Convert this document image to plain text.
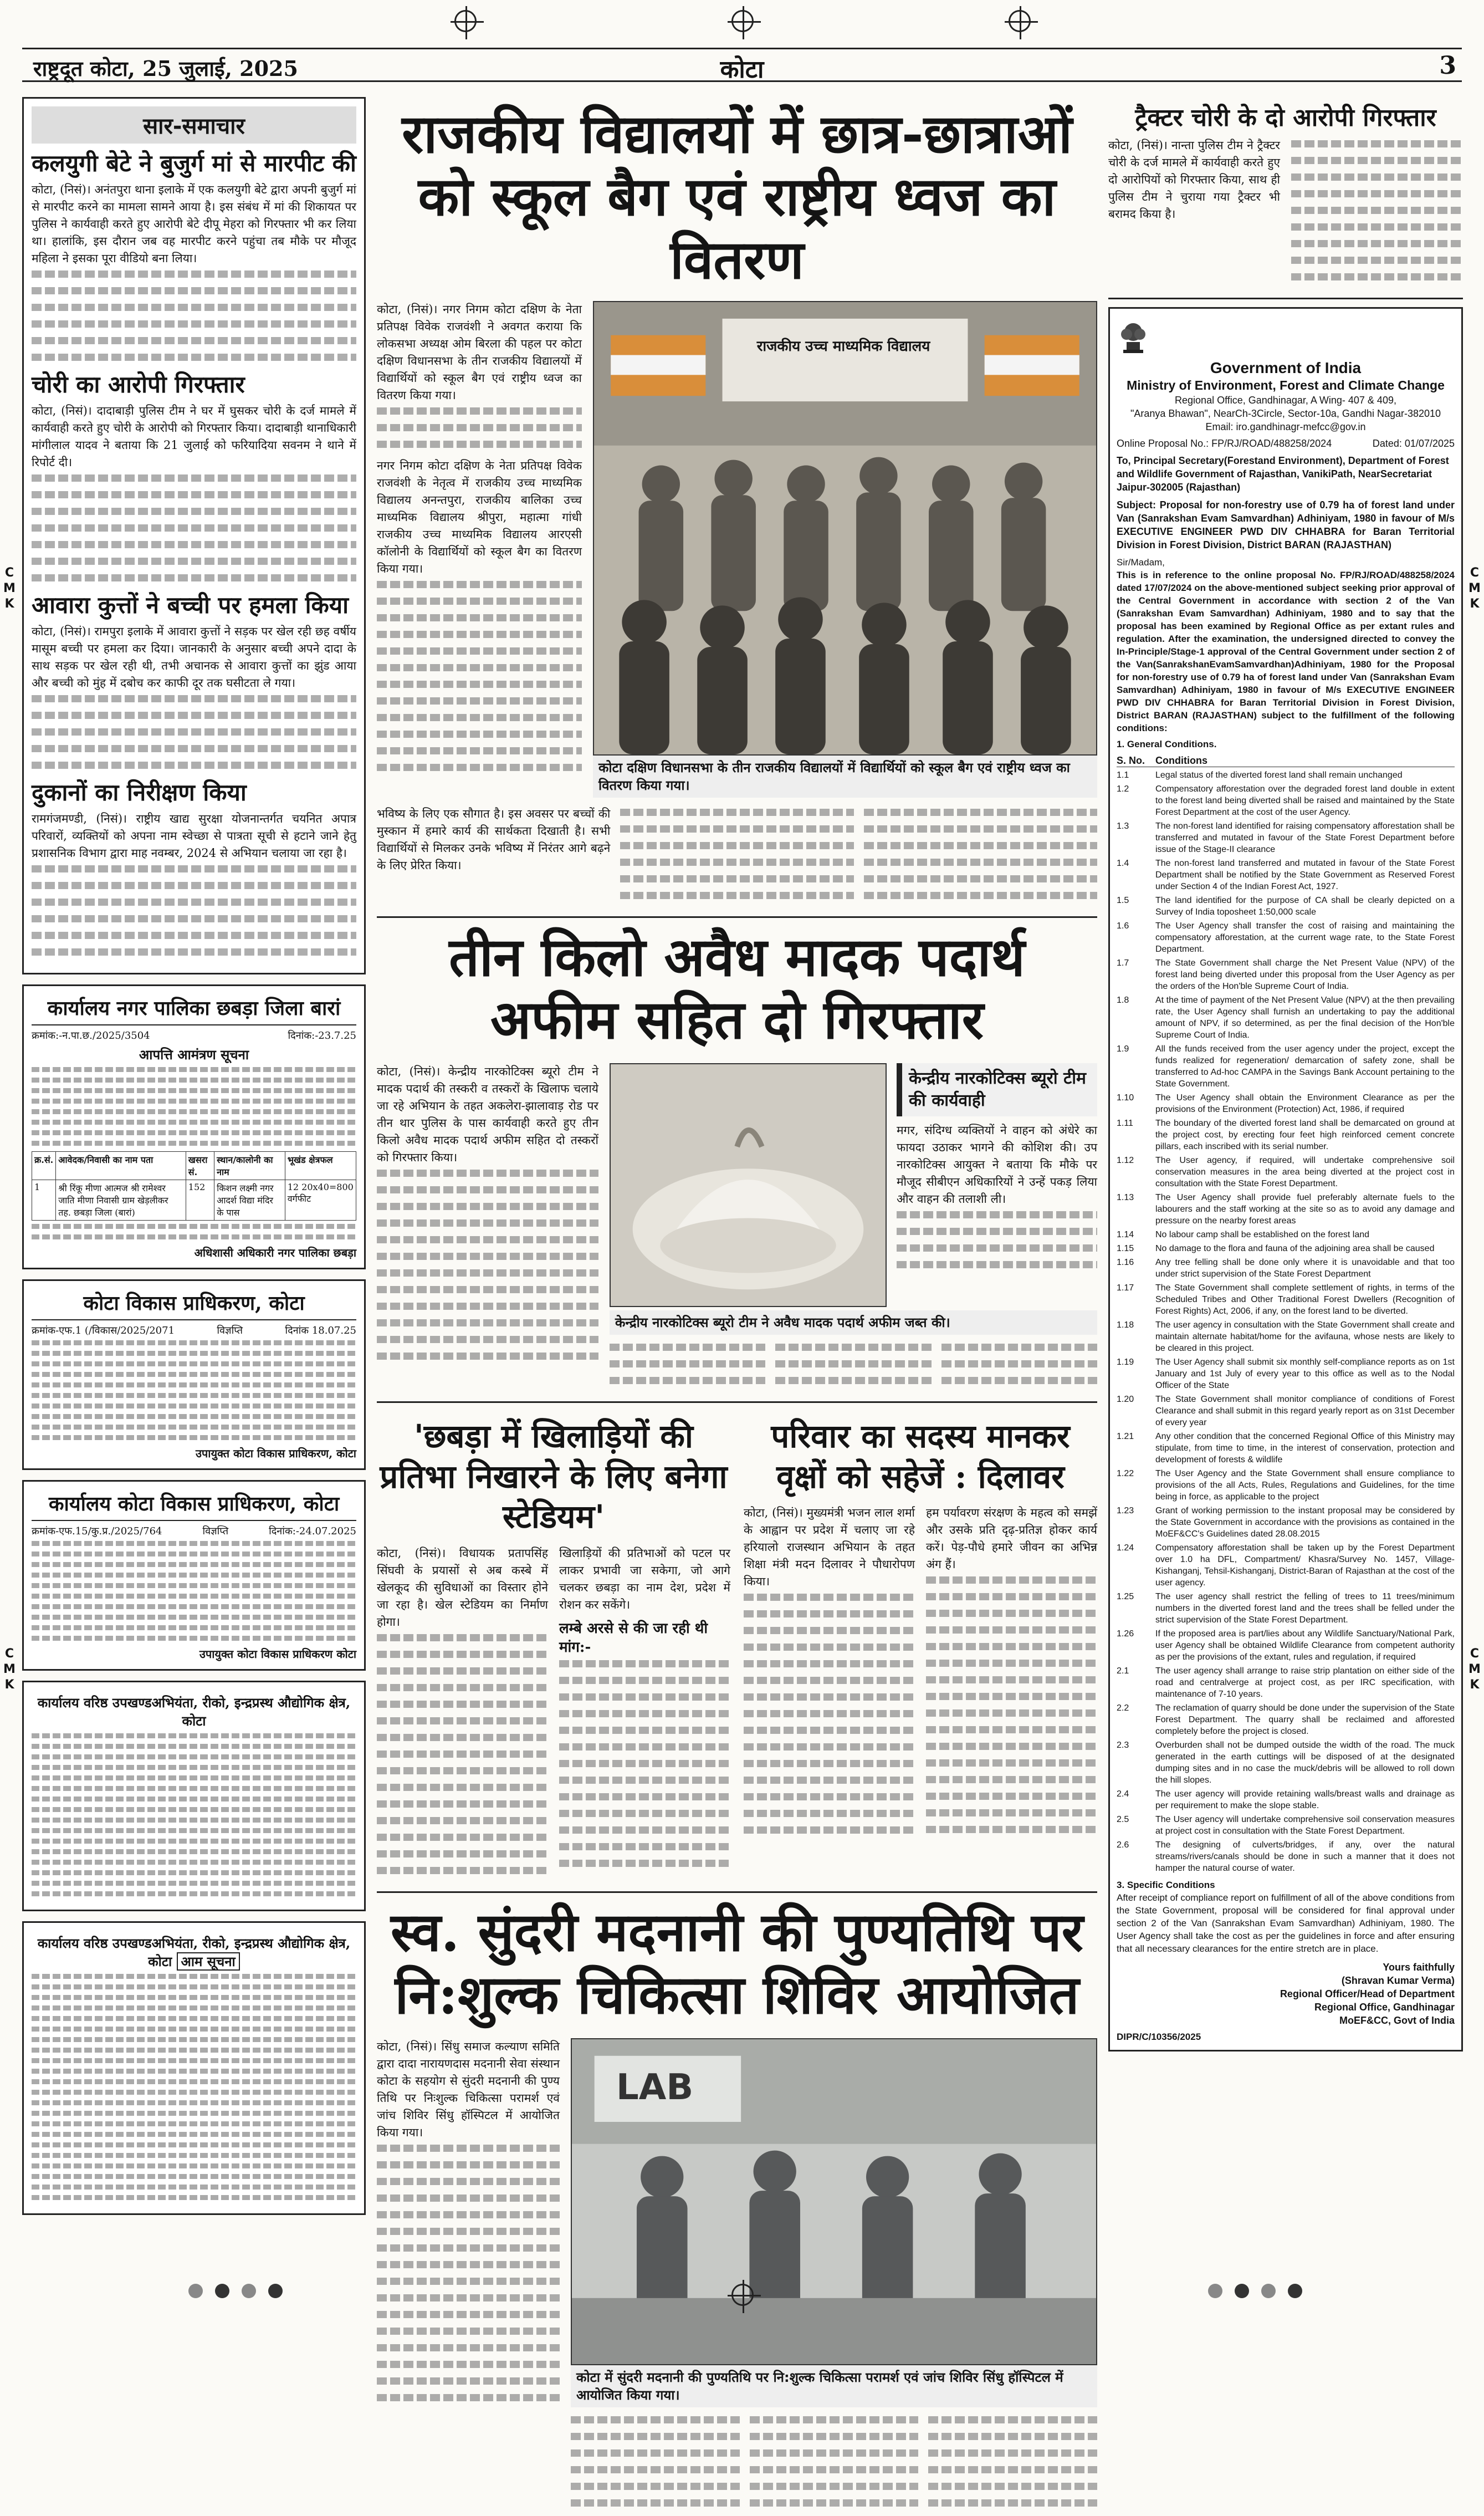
राष्ट्रदूत कोटा, 25 जुलाई, 2025	कोटा	3
C
M
K
C
M
K
C
M
K
C
M
K
सार-समाचार
कलयुगी बेटे ने बुजुर्ग मां से मारपीट की
कोटा, (निसं)। अनंतपुरा थाना इलाके में एक कलयुगी बेटे द्वारा अपनी बुजुर्ग मां से मारपीट करने का मामला सामने आया है। इस संबंध में मां की शिकायत पर पुलिस ने कार्यवाही करते हुए आरोपी बेटे दीपू मेहरा को गिरफ्तार भी कर लिया था। हालांकि, इस दौरान जब वह मारपीट करने पहुंचा तब मौके पर मौजूद महिला ने इसका पूरा वीडियो बना लिया।
चोरी का आरोपी गिरफ्तार
कोटा, (निसं)। दादाबाड़ी पुलिस टीम ने घर में घुसकर चोरी के दर्ज मामले में कार्यवाही करते हुए चोरी के आरोपी को गिरफ्तार किया। दादाबाड़ी थानाधिकारी मांगीलाल यादव ने बताया कि 21 जुलाई को फरियादिया सवनम ने थाने में रिपोर्ट दी।
आवारा कुत्तों ने बच्ची पर हमला किया
कोटा, (निसं)। रामपुरा इलाके में आवारा कुत्तों ने सड़क पर खेल रही छह वर्षीय मासूम बच्ची पर हमला कर दिया। जानकारी के अनुसार बच्ची अपने दादा के साथ सड़क पर खेल रही थी, तभी अचानक से आवारा कुत्तों का झुंड आया और बच्ची को मुंह में दबोच कर काफी दूर तक घसीटता ले गया।
दुकानों का निरीक्षण किया
रामगंजमण्डी, (निसं)। राष्ट्रीय खाद्य सुरक्षा योजनान्तर्गत चयनित अपात्र परिवारों, व्यक्तियों को अपना नाम स्वेच्छा से पात्रता सूची से हटाने जाने हेतु प्रशासनिक विभाग द्वारा माह नवम्बर, 2024 से अभियान चलाया जा रहा है।
कार्यालय नगर पालिका छबड़ा जिला बारां
क्रमांक:-न.पा.छ./2025/3504	दिनांक:-23.7.25
आपत्ति आमंत्रण सूचना
क्र.सं.	आवेदक/निवासी का नाम पता	खसरा सं.	स्थान/कालोनी का नाम	भूखंड क्षेत्रफल
1	श्री रिंकू मीणा आत्मज श्री रामेश्वर जाति मीणा निवासी ग्राम खेड़लीकर तह. छबड़ा जिला (बारां)	152	किशन लक्ष्मी नगर आदर्श विद्या मंदिर के पास	12 20x40=800 वर्गफीट
अधिशासी अधिकारी नगर पालिका छबड़ा
कोटा विकास प्राधिकरण, कोटा
क्रमांक-एफ.1 (/विकास/2025/2071	विज्ञप्ति	दिनांक 18.07.25
उपायुक्त कोटा विकास प्राधिकरण, कोटा
कार्यालय कोटा विकास प्राधिकरण, कोटा
क्रमांक-एफ.15/कु.प्र./2025/764	विज्ञप्ति	दिनांक:-24.07.2025
उपायुक्त कोटा विकास प्राधिकरण कोटा
कार्यालय वरिष्ठ उपखण्डअभियंता, रीको, इन्द्रप्रस्थ औद्योगिक क्षेत्र, कोटा
कार्यालय वरिष्ठ उपखण्डअभियंता, रीको, इन्द्रप्रस्थ औद्योगिक क्षेत्र, कोटा आम सूचना
राजकीय विद्यालयों में छात्र-छात्राओं को स्कूल बैग एवं राष्ट्रीय ध्वज का वितरण
कोटा, (निसं)। नगर निगम कोटा दक्षिण के नेता प्रतिपक्ष विवेक राजवंशी ने अवगत कराया कि लोकसभा अध्यक्ष ओम बिरला की पहल पर कोटा दक्षिण विधानसभा के तीन राजकीय विद्यालयों में विद्यार्थियों को स्कूल बैग एवं राष्ट्रीय ध्वज का वितरण किया गया।
नगर निगम कोटा दक्षिण के नेता प्रतिपक्ष विवेक राजवंशी के नेतृत्व में राजकीय उच्च माध्यमिक विद्यालय अनन्तपुरा, राजकीय बालिका उच्च माध्यमिक विद्यालय श्रीपुरा, महात्मा गांधी राजकीय उच्च माध्यमिक विद्यालय आरएसी कॉलोनी के विद्यार्थियों को स्कूल बैग का वितरण किया गया।
राजकीय उच्च माध्यमिक विद्यालय
कोटा दक्षिण विधानसभा के तीन राजकीय विद्यालयों में विद्यार्थियों को स्कूल बैग एवं राष्ट्रीय ध्वज का वितरण किया गया।
भविष्य के लिए एक सौगात है। इस अवसर पर बच्चों की मुस्कान में हमारे कार्य की सार्थकता दिखाती है। सभी विद्यार्थियों से मिलकर उनके भविष्य में निरंतर आगे बढ़ने के लिए प्रेरित किया।
तीन किलो अवैध मादक पदार्थ अफीम सहित दो गिरफ्तार
कोटा, (निसं)। केन्द्रीय नारकोटिक्स ब्यूरो टीम ने मादक पदार्थ की तस्करी व तस्करों के खिलाफ चलाये जा रहे अभियान के तहत अकलेरा-झालावाड़ रोड पर तीन थार पुलिस के पास कार्यवाही करते हुए तीन किलो अवैध मादक पदार्थ अफीम सहित दो तस्करों को गिरफ्तार किया।
केन्द्रीय नारकोटिक्स ब्यूरो टीम की कार्यवाही
मगर, संदिग्ध व्यक्तियों ने वाहन को अंधेरे का फायदा उठाकर भागने की कोशिश की। उप नारकोटिक्स आयुक्त ने बताया कि मौके पर मौजूद सीबीएन अधिकारियों ने उन्हें पकड़ लिया और वाहन की तलाशी ली।
केन्द्रीय नारकोटिक्स ब्यूरो टीम ने अवैध मादक पदार्थ अफीम जब्त की।
'छबड़ा में खिलाड़ियों की प्रतिभा निखारने के लिए बनेगा स्टेडियम'
कोटा, (निसं)। विधायक प्रतापसिंह सिंघवी के प्रयासों से अब कस्बे में खेलकूद की सुविधाओं का विस्तार होने जा रहा है। खेल स्टेडियम का निर्माण होगा।
खिलाड़ियों की प्रतिभाओं को पटल पर लाकर प्रभावी जा सकेगा, जो आगे चलकर छबड़ा का नाम देश, प्रदेश में रोशन कर सकेंगे।
लम्बे अरसे से की जा रही थी मांग:-
परिवार का सदस्य मानकर वृक्षों को सहेजें : दिलावर
कोटा, (निसं)। मुख्यमंत्री भजन लाल शर्मा के आह्वान पर प्रदेश में चलाए जा रहे हरियालो राजस्थान अभियान के तहत शिक्षा मंत्री मदन दिलावर ने पौधारोपण किया।
हम पर्यावरण संरक्षण के महत्व को समझें और उसके प्रति दृढ़-प्रतिज्ञ होकर कार्य करें। पेड़-पौधे हमारे जीवन का अभिन्न अंग हैं।
स्व. सुंदरी मदनानी की पुण्यतिथि पर नि:शुल्क चिकित्सा शिविर आयोजित
कोटा, (निसं)। सिंधु समाज कल्याण समिति द्वारा दादा नारायणदास मदनानी सेवा संस्थान कोटा के सहयोग से सुंदरी मदनानी की पुण्य तिथि पर निःशुल्क चिकित्सा परामर्श एवं जांच शिविर सिंधु हॉस्पिटल में आयोजित किया गया।
LAB
कोटा में सुंदरी मदनानी की पुण्यतिथि पर नि:शुल्क चिकित्सा परामर्श एवं जांच शिविर सिंधु हॉस्पिटल में आयोजित किया गया।
ट्रैक्टर चोरी के दो आरोपी गिरफ्तार
कोटा, (निसं)। नान्ता पुलिस टीम ने ट्रैक्टर चोरी के दर्ज मामले में कार्यवाही करते हुए दो आरोपियों को गिरफ्तार किया, साथ ही पुलिस टीम ने चुराया गया ट्रैक्टर भी बरामद किया है।
Government of India
Ministry of Environment, Forest and Climate Change
Regional Office, Gandhinagar, A Wing- 407 & 409,
"Aranya Bhawan", NearCh-3Circle, Sector-10a, Gandhi Nagar-382010
Email: iro.gandhinagr-mefcc@gov.in
Online Proposal No.: FP/RJ/ROAD/488258/2024	Dated: 01/07/2025
To, Principal Secretary(Forestand Environment), Department of Forest and Wildlife Government of Rajasthan, VanikiPath, NearSecretariat Jaipur-302005 (Rajasthan)
Subject: Proposal for non-forestry use of 0.79 ha of forest land under Van (Sanrakshan Evam Samvardhan) Adhiniyam, 1980 in favour of M/s EXECUTIVE ENGINEER PWD DIV CHHABRA for Baran Territorial Division in Forest Division, District BARAN (RAJASTHAN)
Sir/Madam,
This is in reference to the online proposal No. FP/RJ/ROAD/488258/2024 dated 17/07/2024 on the above-mentioned subject seeking prior approval of the Central Government in accordance with section 2 of the Van (Sanrakshan Evam Samvardhan) Adhiniyam, 1980 and to say that the proposal has been examined by Regional Office as per extant rules and regulation. After the examination, the undersigned directed to convey the In-Principle/Stage-1 approval of the Central Government under section 2 of the Van(SanrakshanEvamSamvardhan)Adhiniyam, 1980 for the Proposal for non-forestry use of 0.79 ha of forest land under Van (Sanrakshan Evam Samvardhan) Adhiniyam, 1980 in favour of M/s EXECUTIVE ENGINEER PWD DIV CHHABRA for Baran Territorial Division in Forest Division, District BARAN (RAJASTHAN) subject to the fulfillment of the following conditions:
1. General Conditions.
S. No.	Conditions
1.1	Legal status of the diverted forest land shall remain unchanged
1.2	Compensatory afforestation over the degraded forest land double in extent to the forest land being diverted shall be raised and maintained by the State Forest Department at the cost of the user Agency.
1.3	The non-forest land identified for raising compensatory afforestation shall be transferred and mutated in favour of the State Forest Department before issue of the Stage-II clearance
1.4	The non-forest land transferred and mutated in favour of the State Forest Department shall be notified by the State Government as Reserved Forest under Section 4 of the Indian Forest Act, 1927.
1.5	The land identified for the purpose of CA shall be clearly depicted on a Survey of India toposheet 1:50,000 scale
1.6	The User Agency shall transfer the cost of raising and maintaining the compensatory afforestation, at the current wage rate, to the State Forest Department.
1.7	The State Government shall charge the Net Present Value (NPV) of the forest land being diverted under this proposal from the User Agency as per the orders of the Hon'ble Supreme Court of India.
1.8	At the time of payment of the Net Present Value (NPV) at the then prevailing rate, the User Agency shall furnish an undertaking to pay the additional amount of NPV, if so determined, as per the final decision of the Hon'ble Supreme Court of India.
1.9	All the funds received from the user agency under the project, except the funds realized for regeneration/ demarcation of safety zone, shall be transferred to Ad-hoc CAMPA in the Savings Bank Account pertaining to the State Government.
1.10	The User Agency shall obtain the Environment Clearance as per the provisions of the Environment (Protection) Act, 1986, if required
1.11	The boundary of the diverted forest land shall be demarcated on ground at the project cost, by erecting four feet high reinforced cement concrete pillars, each inscribed with its serial number.
1.12	The User agency, if required, will undertake comprehensive soil conservation measures in the area being diverted at the project cost in consultation with the State Forest Department.
1.13	The User Agency shall provide fuel preferably alternate fuels to the labourers and the staff working at the site so as to avoid any damage and pressure on the nearby forest areas
1.14	No labour camp shall be established on the forest land
1.15	No damage to the flora and fauna of the adjoining area shall be caused
1.16	Any tree felling shall be done only where it is unavoidable and that too under strict supervision of the State Forest Department
1.17	The State Government shall complete settlement of rights, in terms of the Scheduled Tribes and Other Traditional Forest Dwellers (Recognition of Forest Rights) Act, 2006, if any, on the forest land to be diverted.
1.18	The user agency in consultation with the State Government shall create and maintain alternate habitat/home for the avifauna, whose nests are likely to be cleared in this project.
1.19	The User Agency shall submit six monthly self-compliance reports as on 1st January and 1st July of every year to this office as well as to the Nodal Officer of the State
1.20	The State Government shall monitor compliance of conditions of Forest Clearance and shall submit in this regard yearly report as on 31st December of every year
1.21	Any other condition that the concerned Regional Office of this Ministry may stipulate, from time to time, in the interest of conservation, protection and development of forests & wildlife
1.22	The User Agency and the State Government shall ensure compliance to provisions of the all Acts, Rules, Regulations and Guidelines, for the time being in force, as applicable to the project
1.23	Grant of working permission to the instant proposal may be considered by the State Government in accordance with the provisions as contained in the MoEF&CC's Guidelines dated 28.08.2015
1.24	Compensatory afforestation shall be taken up by the Forest Department over 1.0 ha DFL, Compartment/ Khasra/Survey No. 1457, Village-Kishanganj, Tehsil-Kishanganj, District-Baran of Rajasthan at the cost of the user agency.
1.25	The user agency shall restrict the felling of trees to 11 trees/minimum numbers in the diverted forest land and the trees shall be felled under the strict supervision of the State Forest Department.
1.26	If the proposed area is part/lies about any Wildlife Sanctuary/National Park, user Agency shall be obtained Wildlife Clearance from competent authority as per the provisions of the extant, rules and regulation, if required
2.1	The user agency shall arrange to raise strip plantation on either side of the road and centralverge at project cost, as per IRC specification, with maintenance of 7-10 years.
2.2	The reclamation of quarry should be done under the supervision of the State Forest Department. The quarry shall be reclaimed and afforested completely before the project is closed.
2.3	Overburden shall not be dumped outside the width of the road. The muck generated in the earth cuttings will be disposed of at the designated dumping sites and in no case the muck/debris will be allowed to roll down the hill slopes.
2.4	The user agency will provide retaining walls/breast walls and drainage as per requirement to make the slope stable.
2.5	The User agency will undertake comprehensive soil conservation measures at project cost in consultation with the State Forest Department.
2.6	The designing of culverts/bridges, if any, over the natural streams/rivers/canals should be done in such a manner that it does not hamper the natural course of water.
3. Specific Conditions
After receipt of compliance report on fulfillment of all of the above conditions from the State Government, proposal will be considered for final approval under section 2 of the Van (Sanrakshan Evam Samvardhan) Adhiniyam, 1980. The User Agency shall take the cost as per the guidelines in force and after ensuring that all necessary clearances for the entire stretch are in place.
Yours faithfully
(Shravan Kumar Verma)
Regional Officer/Head of Department
Regional Office, Gandhinagar
MoEF&CC, Govt of India
DIPR/C/10356/2025
